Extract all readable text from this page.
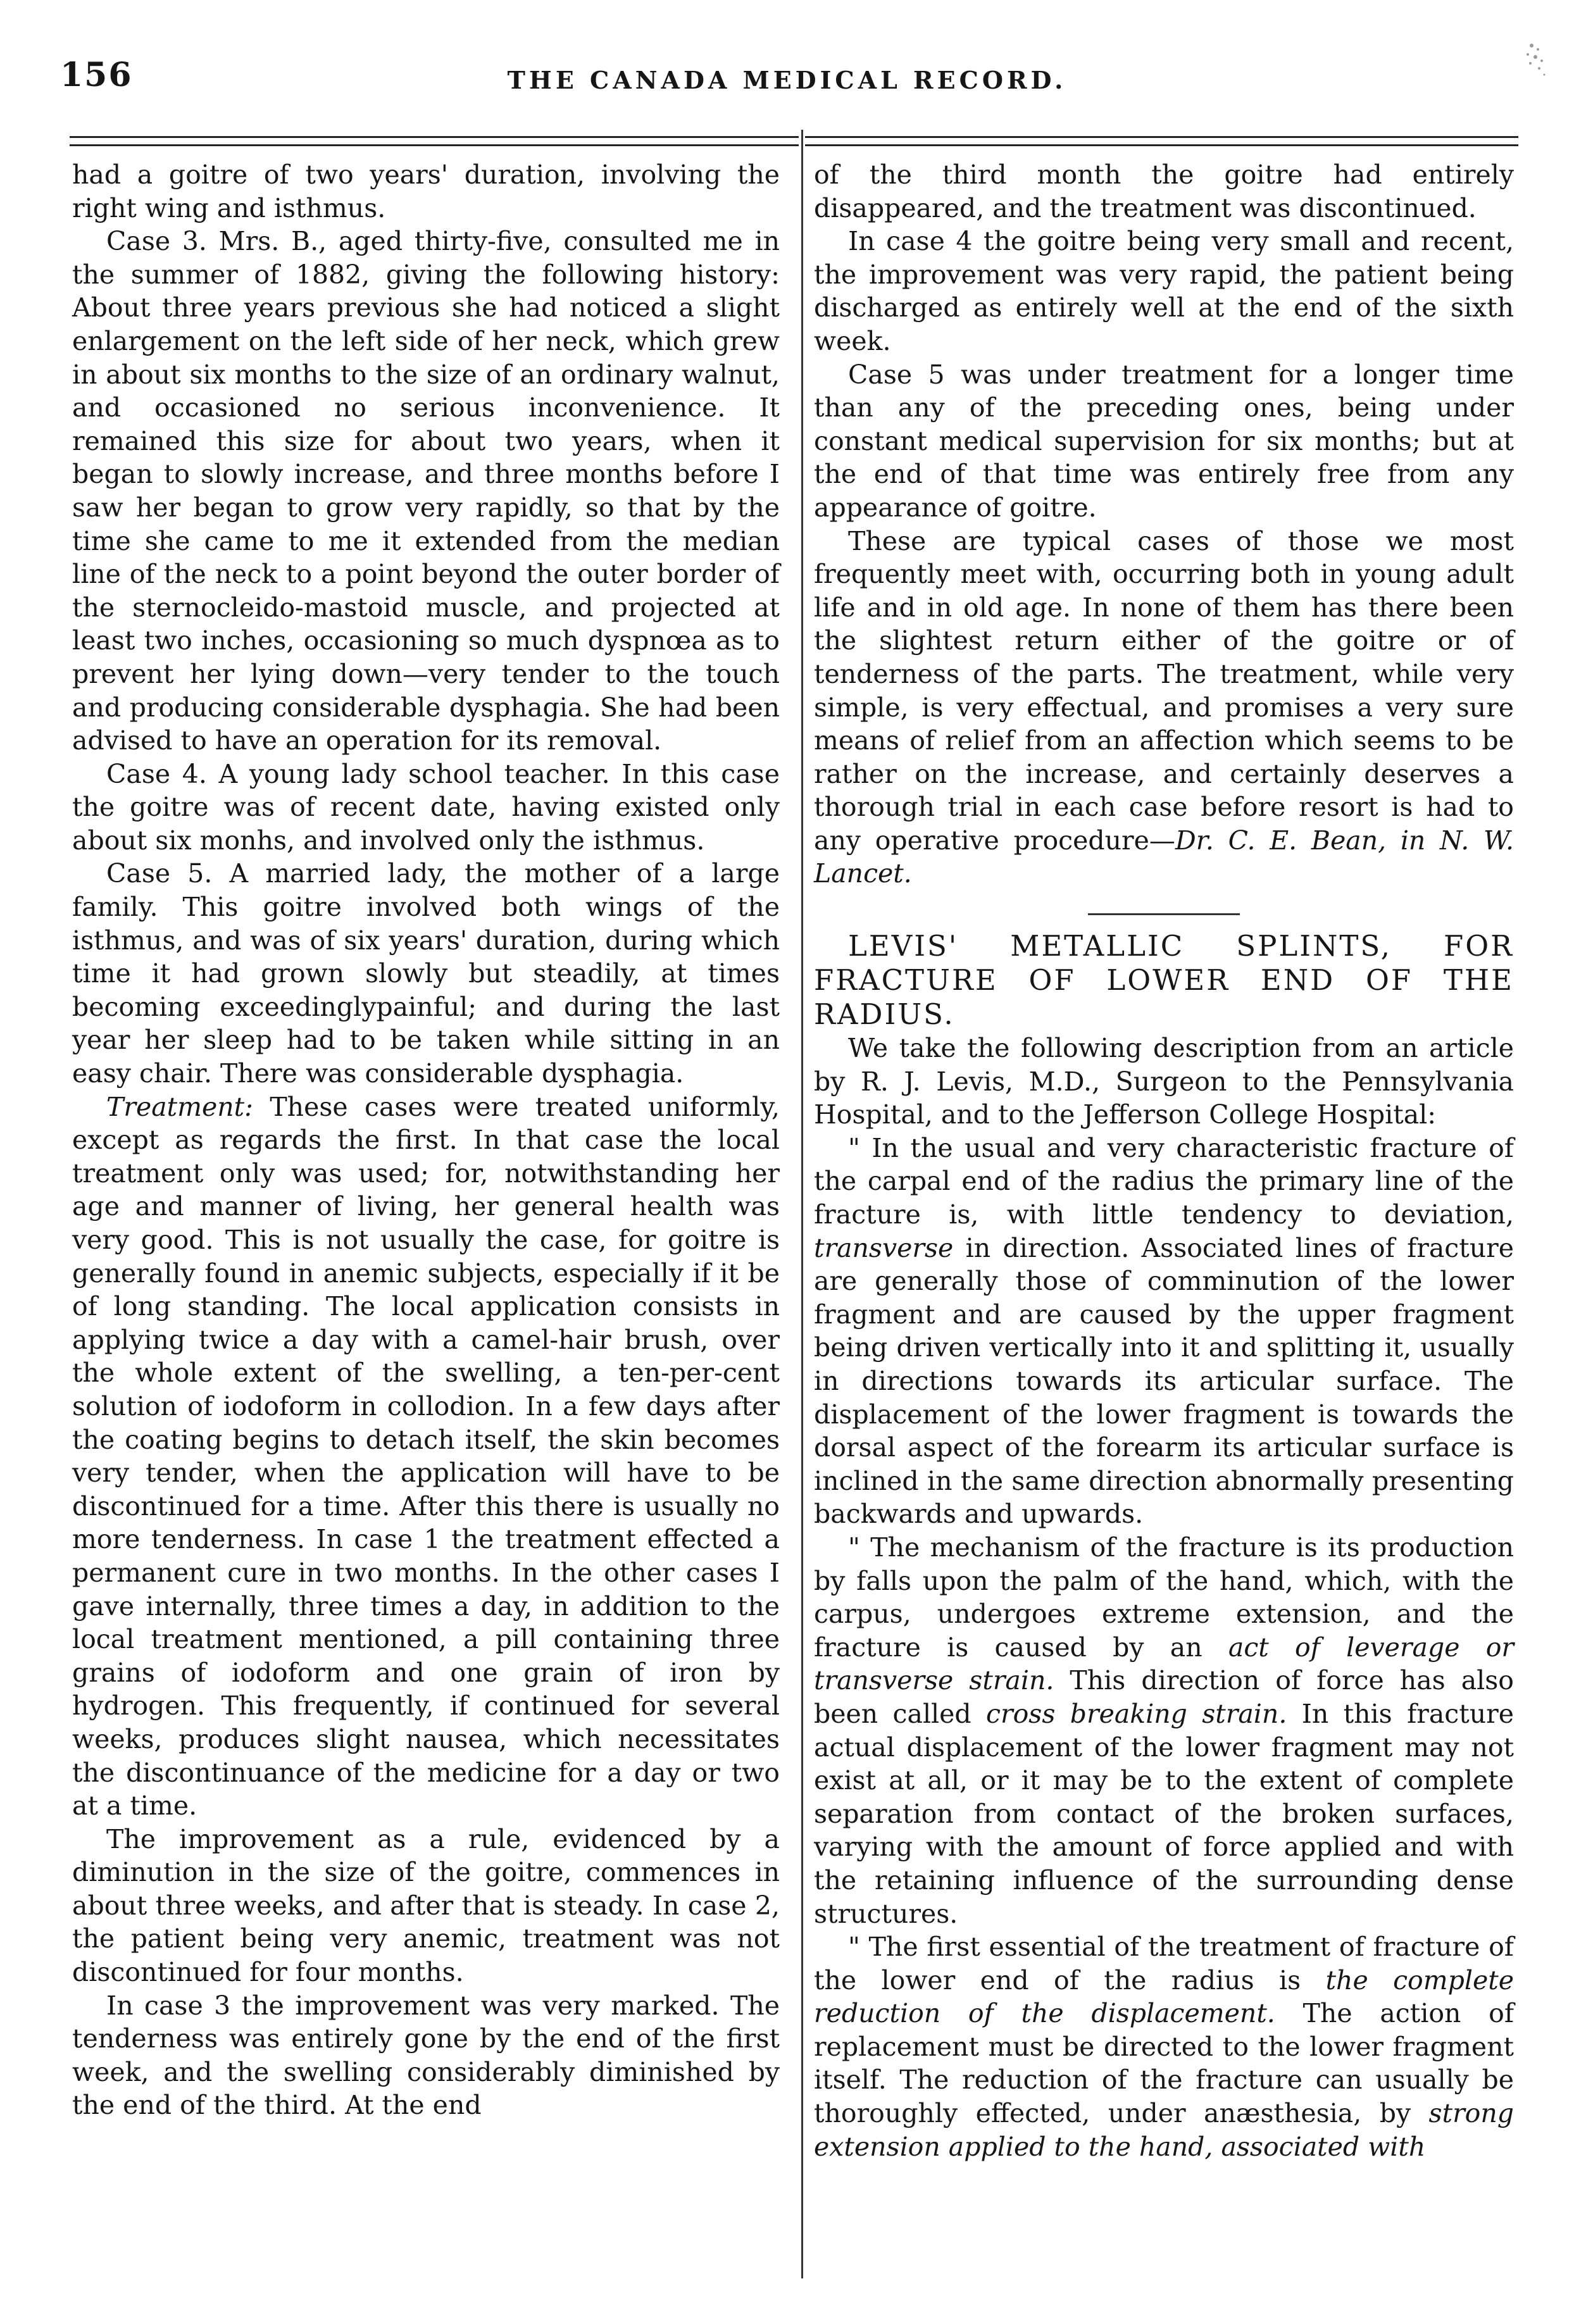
156	THE CANADA MEDICAL RECORD.

had a goitre of two years' duration, involving the right wing and isthmus.

Case 3. Mrs. B., aged thirty-five, consulted me in the summer of 1882, giving the following history: About three years previous she had noticed a slight enlargement on the left side of her neck, which grew in about six months to the size of an ordinary walnut, and occasioned no serious inconvenience. It remained this size for about two years, when it began to slowly increase, and three months before I saw her began to grow very rapidly, so that by the time she came to me it extended from the median line of the neck to a point beyond the outer border of the sternocleido-mastoid muscle, and projected at least two inches, occasioning so much dyspnœa as to prevent her lying down—very tender to the touch and producing considerable dysphagia. She had been advised to have an operation for its removal.

Case 4. A young lady school teacher. In this case the goitre was of recent date, having existed only about six monhs, and involved only the isthmus.

Case 5. A married lady, the mother of a large family. This goitre involved both wings of the isthmus, and was of six years' duration, during which time it had grown slowly but steadily, at times becoming exceedinglypainful; and during the last year her sleep had to be taken while sitting in an easy chair. There was considerable dysphagia.

Treatment: These cases were treated uniformly, except as regards the first. In that case the local treatment only was used; for, notwithstanding her age and manner of living, her general health was very good. This is not usually the case, for goitre is generally found in anemic subjects, especially if it be of long standing. The local application consists in applying twice a day with a camel-hair brush, over the whole extent of the swelling, a ten-per-cent solution of iodoform in collodion. In a few days after the coating begins to detach itself, the skin becomes very tender, when the application will have to be discontinued for a time. After this there is usually no more tenderness. In case 1 the treatment effected a permanent cure in two months. In the other cases I gave internally, three times a day, in addition to the local treatment mentioned, a pill containing three grains of iodoform and one grain of iron by hydrogen. This frequently, if continued for several weeks, produces slight nausea, which necessitates the discontinuance of the medicine for a day or two at a time.

The improvement as a rule, evidenced by a diminution in the size of the goitre, commences in about three weeks, and after that is steady. In case 2, the patient being very anemic, treatment was not discontinued for four months.

In case 3 the improvement was very marked. The tenderness was entirely gone by the end of the first week, and the swelling considerably diminished by the end of the third. At the end

of the third month the goitre had entirely disappeared, and the treatment was discontinued.

In case 4 the goitre being very small and recent, the improvement was very rapid, the patient being discharged as entirely well at the end of the sixth week.

Case 5 was under treatment for a longer time than any of the preceding ones, being under constant medical supervision for six months; but at the end of that time was entirely free from any appearance of goitre.

These are typical cases of those we most frequently meet with, occurring both in young adult life and in old age. In none of them has there been the slightest return either of the goitre or of tenderness of the parts. The treatment, while very simple, is very effectual, and promises a very sure means of relief from an affection which seems to be rather on the increase, and certainly deserves a thorough trial in each case before resort is had to any operative procedure—Dr. C. E. Bean, in N. W. Lancet.

LEVIS' METALLIC SPLINTS, FOR FRACTURE OF LOWER END OF THE RADIUS.

We take the following description from an article by R. J. Levis, M.D., Surgeon to the Pennsylvania Hospital, and to the Jefferson College Hospital:

" In the usual and very characteristic fracture of the carpal end of the radius the primary line of the fracture is, with little tendency to deviation, transverse in direction. Associated lines of fracture are generally those of comminution of the lower fragment and are caused by the upper fragment being driven vertically into it and splitting it, usually in directions towards its articular surface. The displacement of the lower fragment is towards the dorsal aspect of the forearm its articular surface is inclined in the same direction abnormally presenting backwards and upwards.

" The mechanism of the fracture is its production by falls upon the palm of the hand, which, with the carpus, undergoes extreme extension, and the fracture is caused by an act of leverage or transverse strain. This direction of force has also been called cross breaking strain. In this fracture actual displacement of the lower fragment may not exist at all, or it may be to the extent of complete separation from contact of the broken surfaces, varying with the amount of force applied and with the retaining influence of the surrounding dense structures.

" The first essential of the treatment of fracture of the lower end of the radius is the complete reduction of the displacement. The action of replacement must be directed to the lower fragment itself. The reduction of the fracture can usually be thoroughly effected, under anæsthesia, by strong extension applied to the hand, associated with
